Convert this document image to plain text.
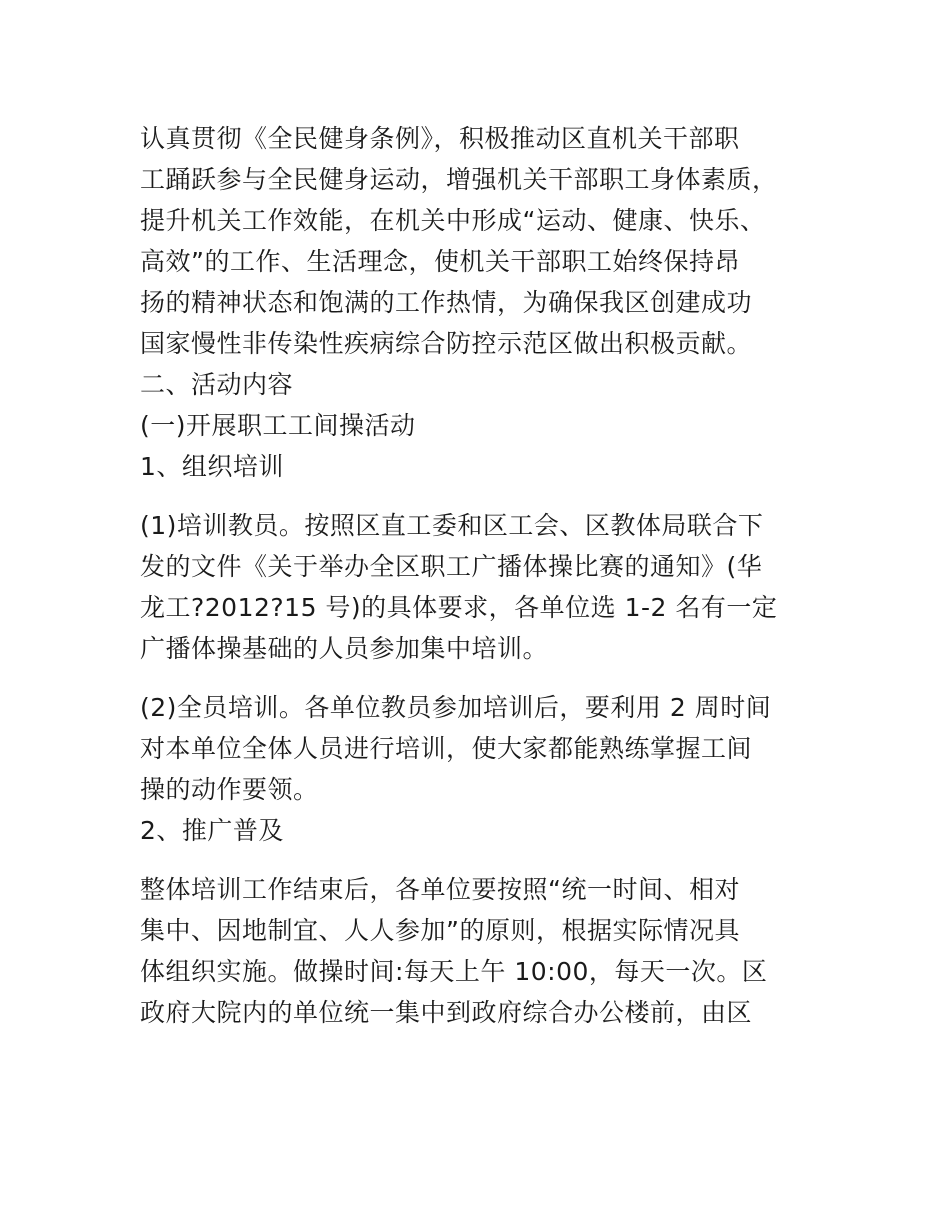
认真贯彻《全民健身条例》，积极推动区直机关干部职
工踊跃参与全民健身运动，增强机关干部职工身体素质，
提升机关工作效能，在机关中形成“运动、健康、快乐、
高效”的工作、生活理念，使机关干部职工始终保持昂
扬的精神状态和饱满的工作热情，为确保我区创建成功
国家慢性非传染性疾病综合防控示范区做出积极贡献。
二、活动内容
(一)开展职工工间操活动
1、组织培训
(1)培训教员。按照区直工委和区工会、区教体局联合下
发的文件《关于举办全区职工广播体操比赛的通知》(华
龙工?2012?15 号)的具体要求，各单位选 1-2 名有一定
广播体操基础的人员参加集中培训。
(2)全员培训。各单位教员参加培训后，要利用 2 周时间
对本单位全体人员进行培训，使大家都能熟练掌握工间
操的动作要领。
2、推广普及
整体培训工作结束后，各单位要按照“统一时间、相对
集中、因地制宜、人人参加”的原则，根据实际情况具
体组织实施。做操时间:每天上午 10:00，每天一次。区
政府大院内的单位统一集中到政府综合办公楼前，由区
